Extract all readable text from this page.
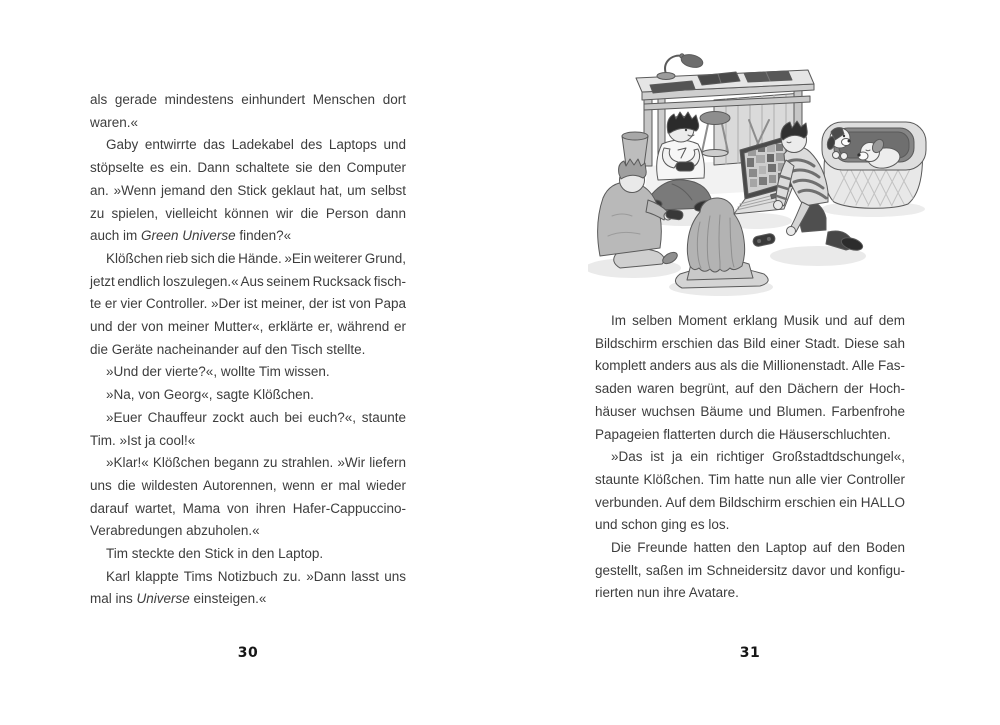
als gerade mindestens einhundert Menschen dort
waren.«
Gaby entwirrte das Ladekabel des Laptops und
stöpselte es ein. Dann schaltete sie den Computer
an. »Wenn jemand den Stick geklaut hat, um selbst
zu spielen, vielleicht können wir die Person dann
auch im Green Universe finden?«
Klößchen rieb sich die Hände. »Ein weiterer Grund,
jetzt endlich loszulegen.« Aus seinem Rucksack fisch-
te er vier Controller. »Der ist meiner, der ist von Papa
und der von meiner Mutter«, erklärte er, während er
die Geräte nacheinander auf den Tisch stellte.
»Und der vierte?«, wollte Tim wissen.
»Na, von Georg«, sagte Klößchen.
»Euer Chauffeur zockt auch bei euch?«, staunte
Tim. »Ist ja cool!«
»Klar!« Klößchen begann zu strahlen. »Wir liefern
uns die wildesten Autorennen, wenn er mal wieder
darauf wartet, Mama von ihren Hafer-Cappuccino-
Verabredungen abzuholen.«
Tim steckte den Stick in den Laptop.
Karl klappte Tims Notizbuch zu. »Dann lasst uns
mal ins Universe einsteigen.«
30
Im selben Moment erklang Musik und auf dem
Bildschirm erschien das Bild einer Stadt. Diese sah
komplett anders aus als die Millionenstadt. Alle Fas-
saden waren begrünt, auf den Dächern der Hoch-
häuser wuchsen Bäume und Blumen. Farbenfrohe
Papageien flatterten durch die Häuserschluchten.
»Das ist ja ein richtiger Großstadtdschungel«,
staunte Klößchen. Tim hatte nun alle vier Controller
verbunden. Auf dem Bildschirm erschien ein HALLO
und schon ging es los.
Die Freunde hatten den Laptop auf den Boden
gestellt, saßen im Schneidersitz davor und konfigu-
rierten nun ihre Avatare.
31
